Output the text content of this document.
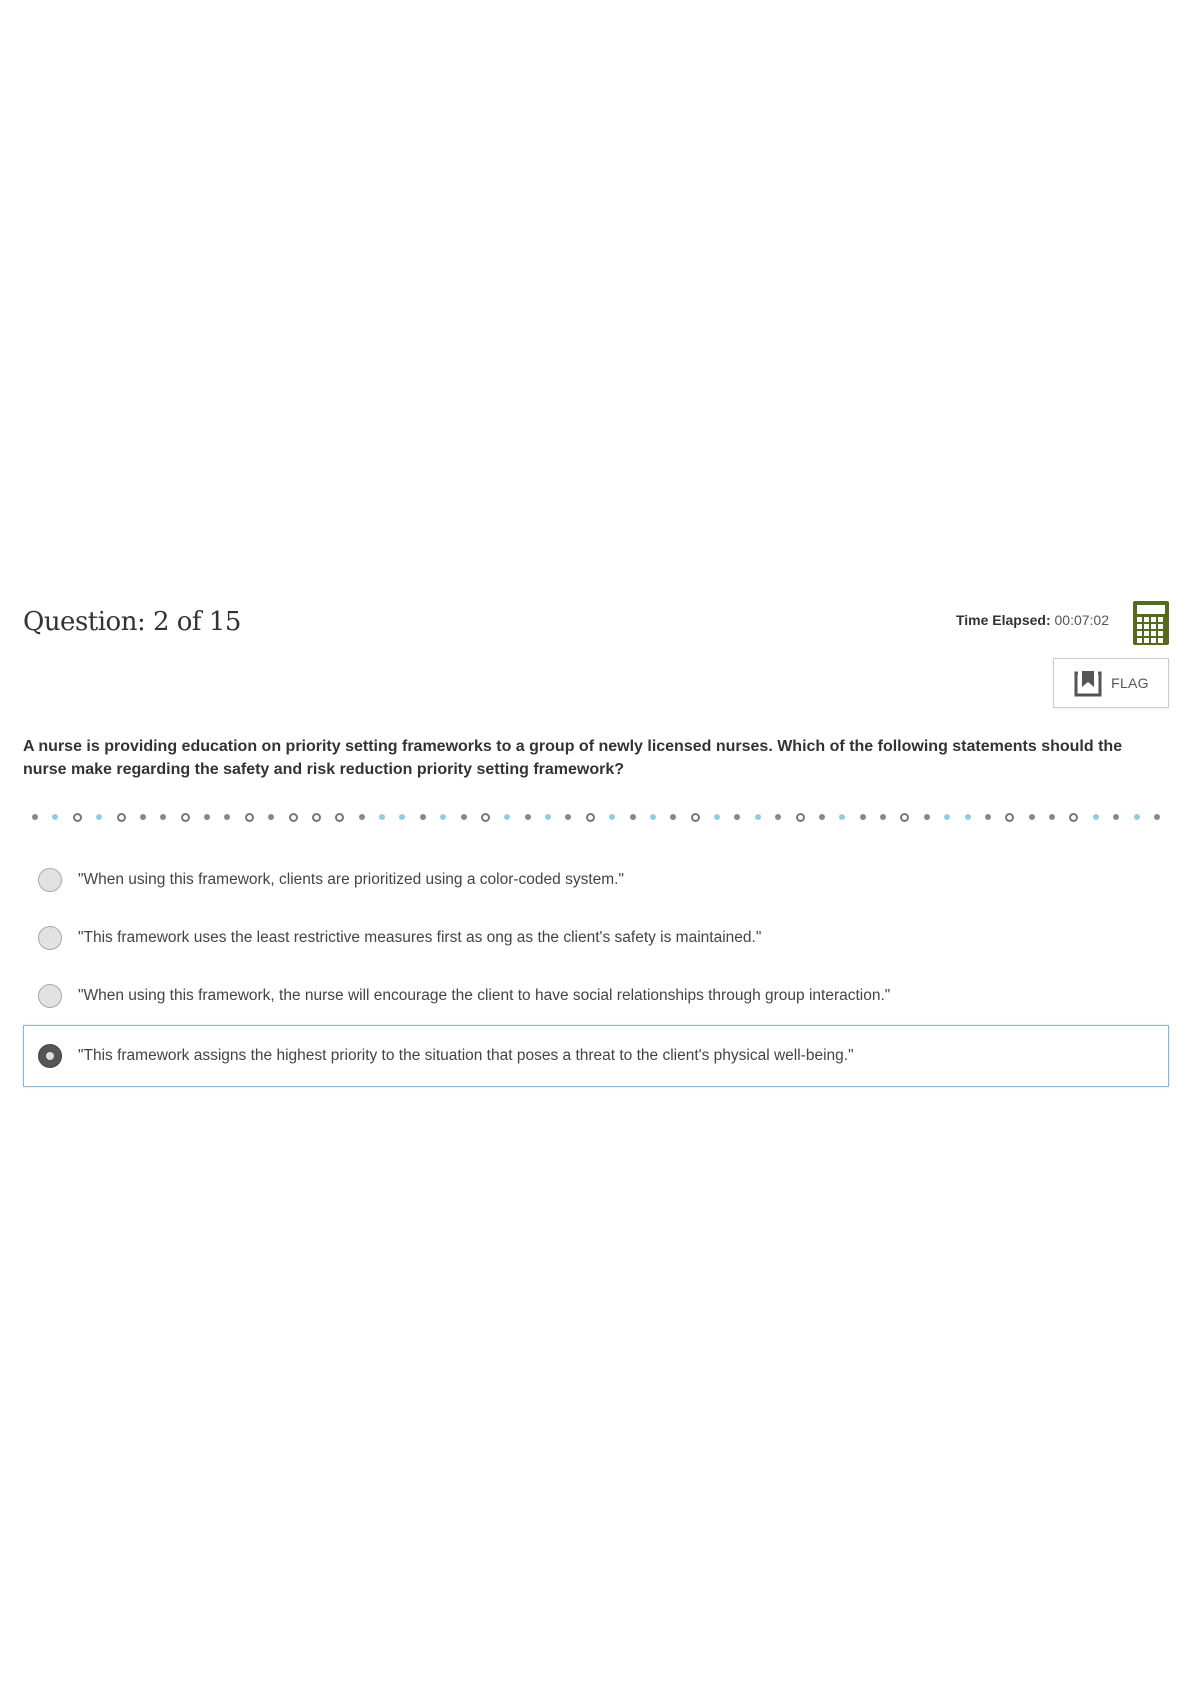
Question: 2 of 15	Time Elapsed: 00:07:02
FLAG

A nurse is providing education on priority setting frameworks to a group of newly licensed nurses. Which of the following statements should the nurse make regarding the safety and risk reduction priority setting framework?

"When using this framework, clients are prioritized using a color-coded system."
"This framework uses the least restrictive measures first as ong as the client's safety is maintained."
"When using this framework, the nurse will encourage the client to have social relationships through group interaction."
"This framework assigns the highest priority to the situation that poses a threat to the client's physical well-being."
